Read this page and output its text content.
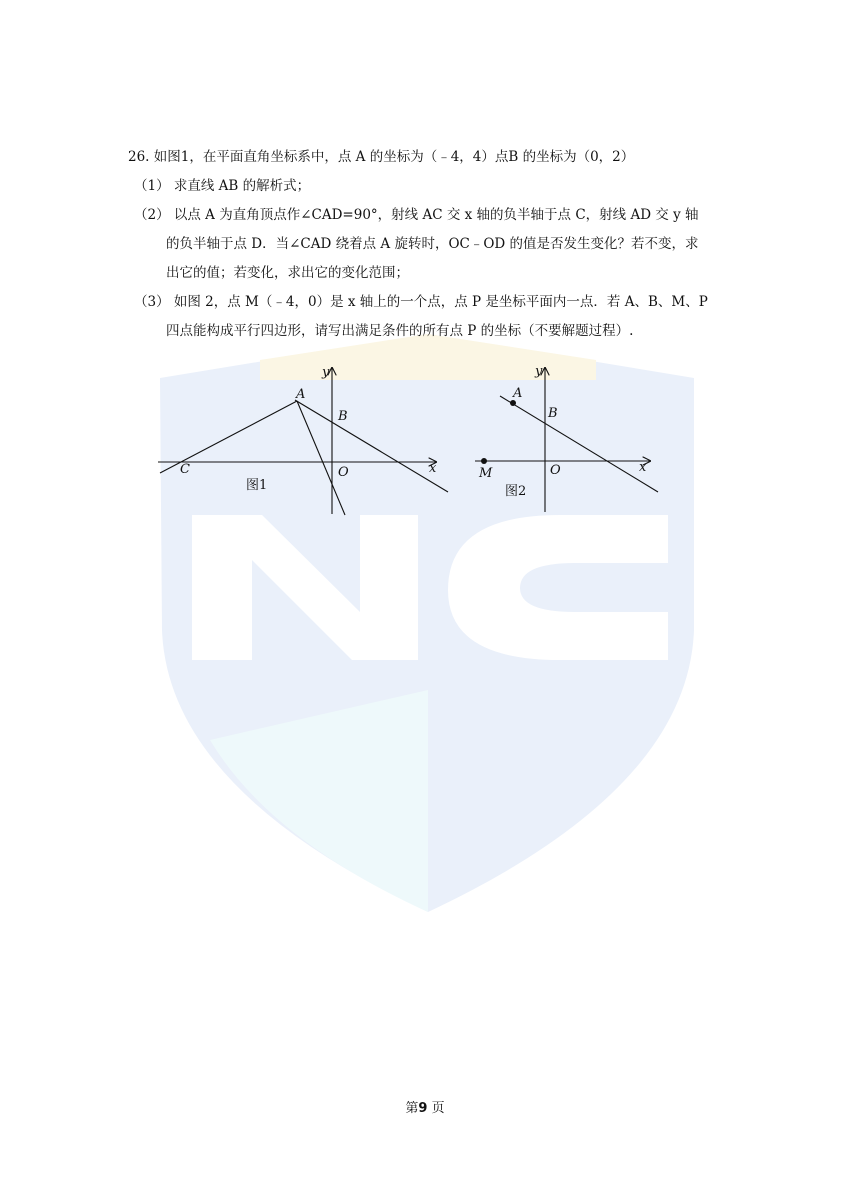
26. 如图1，在平面直角坐标系中，点 A 的坐标为（﹣4，4）点B 的坐标为（0，2）
（1） 求直线 AB 的解析式；
（2） 以点 A 为直角顶点作∠CAD=90°，射线 AC 交 x 轴的负半轴于点 C，射线 AD 交 y 轴
的负半轴于点 D．当∠CAD 绕着点 A 旋转时，OC﹣OD 的值是否发生变化？若不变，求
出它的值；若变化，求出它的变化范围；
（3） 如图 2，点 M（﹣4，0）是 x 轴上的一个点，点 P 是坐标平面内一点．若 A、B、M、P
四点能构成平行四边形，请写出满足条件的所有点 P 的坐标（不要解题过程）.
y
x
A
B
C	O
图1
y
x
A
B
M	O
图2
第9 页
